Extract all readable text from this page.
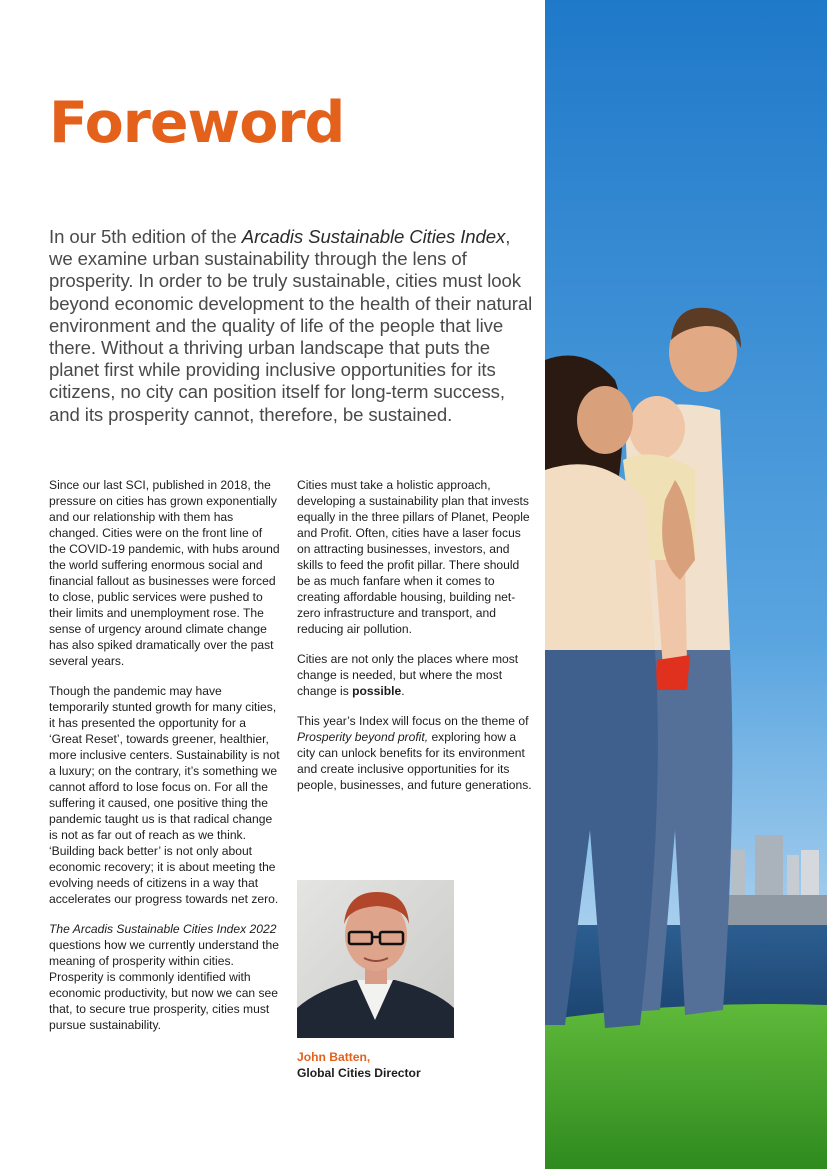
Foreword

In our 5th edition of the Arcadis Sustainable Cities Index, we examine urban sustainability through the lens of prosperity. In order to be truly sustainable, cities must look beyond economic development to the health of their natural environment and the quality of life of the people that live there. Without a thriving urban landscape that puts the planet first while providing inclusive opportunities for its citizens, no city can position itself for long-term success, and its prosperity cannot, therefore, be sustained.

Since our last SCI, published in 2018, the pressure on cities has grown exponentially and our relationship with them has changed. Cities were on the front line of the COVID-19 pandemic, with hubs around the world suffering enormous social and financial fallout as businesses were forced to close, public services were pushed to their limits and unemployment rose. The sense of urgency around climate change has also spiked dramatically over the past several years.

Though the pandemic may have temporarily stunted growth for many cities, it has presented the opportunity for a ‘Great Reset’, towards greener, healthier, more inclusive centers. Sustainability is not a luxury; on the contrary, it’s something we cannot afford to lose focus on. For all the suffering it caused, one positive thing the pandemic taught us is that radical change is not as far out of reach as we think. ‘Building back better’ is not only about economic recovery; it is about meeting the evolving needs of citizens in a way that accelerates our progress towards net zero.

The Arcadis Sustainable Cities Index 2022 questions how we currently understand the meaning of prosperity within cities. Prosperity is commonly identified with economic productivity, but now we can see that, to secure true prosperity, cities must pursue sustainability.

Cities must take a holistic approach, developing a sustainability plan that invests equally in the three pillars of Planet, People and Profit. Often, cities have a laser focus on attracting businesses, investors, and skills to feed the profit pillar. There should be as much fanfare when it comes to creating affordable housing, building net-zero infrastructure and transport, and reducing air pollution.

Cities are not only the places where most change is needed, but where the most change is possible.

This year’s Index will focus on the theme of Prosperity beyond profit, exploring how a city can unlock benefits for its environment and create inclusive opportunities for its people, businesses, and future generations.

John Batten,

Global Cities Director
